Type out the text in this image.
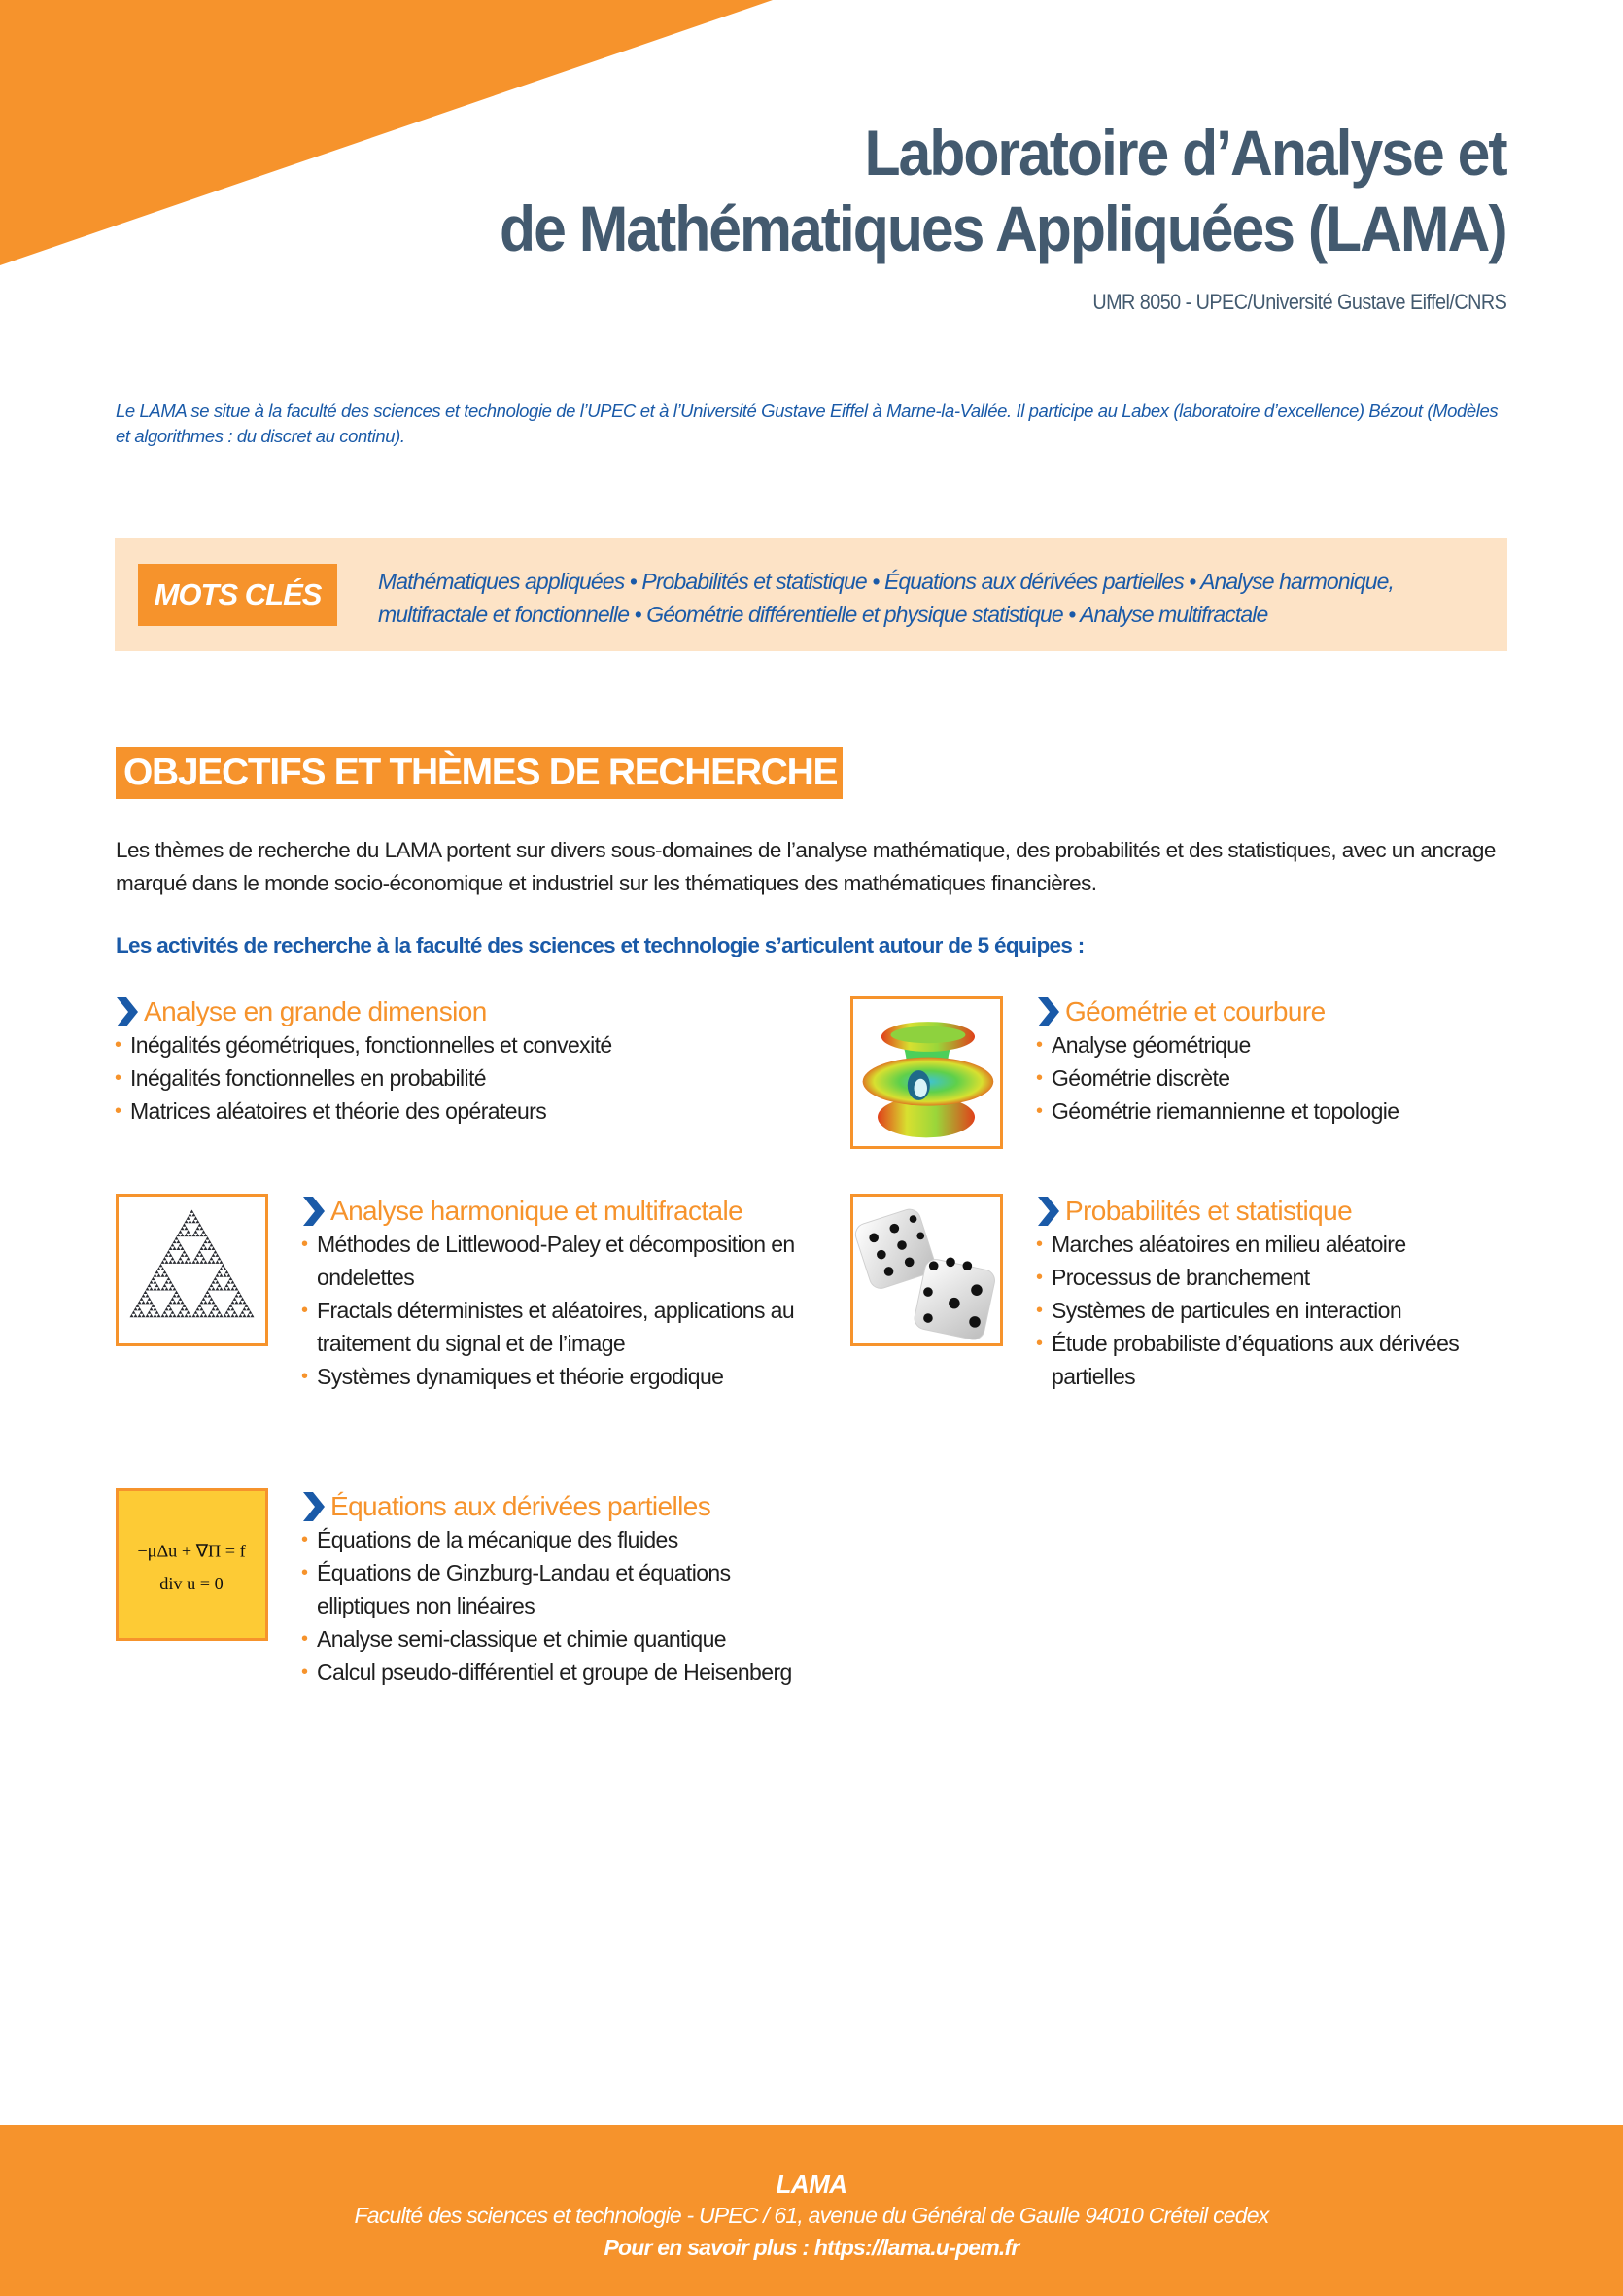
Laboratoire d’Analyse et
de Mathématiques Appliquées (LAMA)
UMR 8050 - UPEC/Université Gustave Eiffel/CNRS
Le LAMA se situe à la faculté des sciences et technologie de l’UPEC et à l’Université Gustave Eiffel à Marne-la-Vallée. Il participe au Labex (laboratoire d’excellence) Bézout (Modèles et algorithmes : du discret au continu).
MOTS CLÉS	Mathématiques appliquées • Probabilités et statistique • Équations aux dérivées partielles • Analyse harmonique, multifractale et fonctionnelle • Géométrie différentielle et physique statistique • Analyse multifractale
OBJECTIFS ET THÈMES DE RECHERCHE
Les thèmes de recherche du LAMA portent sur divers sous-domaines de l’analyse mathématique, des probabilités et des statistiques, avec un ancrage marqué dans le monde socio-économique et industriel sur les thématiques des mathématiques financières.
Les activités de recherche à la faculté des sciences et technologie s’articulent autour de 5 équipes :
Analyse en grande dimension
• Inégalités géométriques, fonctionnelles et convexité
• Inégalités fonctionnelles en probabilité
• Matrices aléatoires et théorie des opérateurs
Géométrie et courbure
• Analyse géométrique
• Géométrie discrète
• Géométrie riemannienne et topologie
Analyse harmonique et multifractale
• Méthodes de Littlewood-Paley et décomposition en ondelettes
• Fractals déterministes et aléatoires, applications au traitement du signal et de l’image
• Systèmes dynamiques et théorie ergodique
Probabilités et statistique
• Marches aléatoires en milieu aléatoire
• Processus de branchement
• Systèmes de particules en interaction
• Étude probabiliste d’équations aux dérivées partielles
−μΔu + ∇Π = f
div u = 0
Équations aux dérivées partielles
• Équations de la mécanique des fluides
• Équations de Ginzburg-Landau et équations elliptiques non linéaires
• Analyse semi-classique et chimie quantique
• Calcul pseudo-différentiel et groupe de Heisenberg
LAMA
Faculté des sciences et technologie - UPEC / 61, avenue du Général de Gaulle 94010 Créteil cedex
Pour en savoir plus : https://lama.u-pem.fr
